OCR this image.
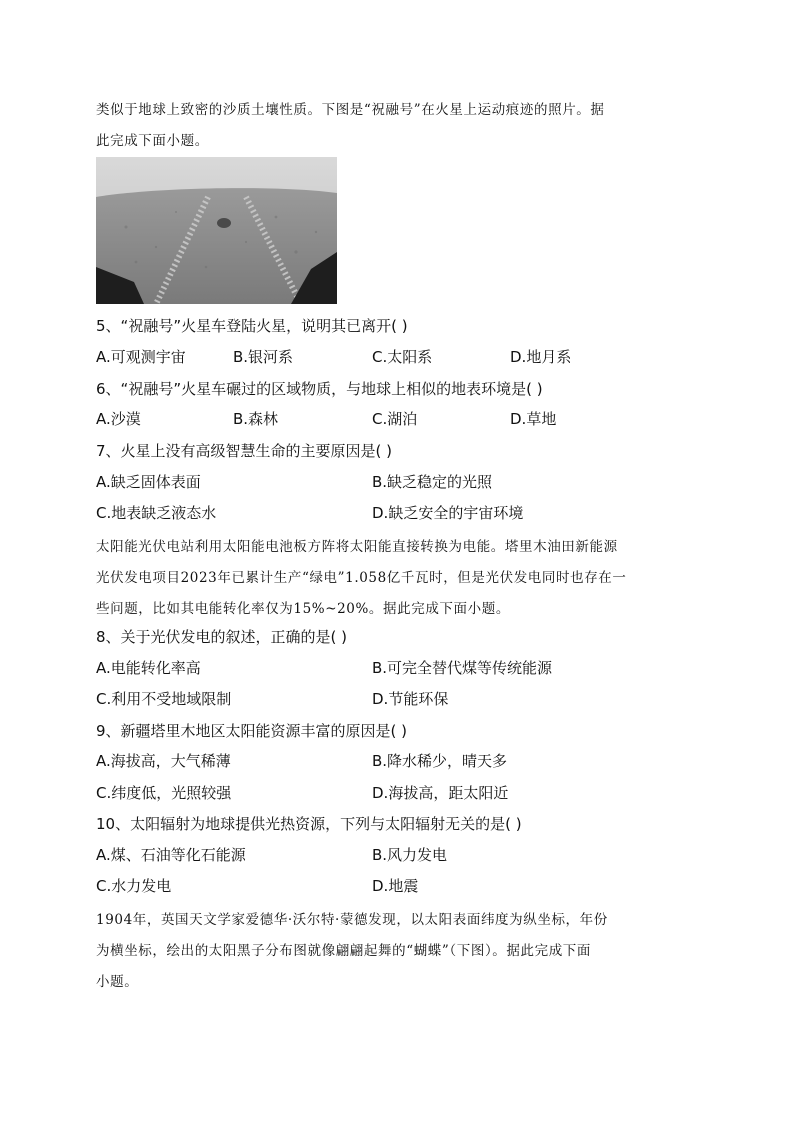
类似于地球上致密的沙质土壤性质。下图是“祝融号”在火星上运动痕迹的照片。据
此完成下面小题。
5、“祝融号”火星车登陆火星，说明其已离开( )
A.可观测宇宙	B.银河系	C.太阳系	D.地月系
6、“祝融号”火星车碾过的区域物质，与地球上相似的地表环境是( )
A.沙漠	B.森林	C.湖泊	D.草地
7、火星上没有高级智慧生命的主要原因是( )
A.缺乏固体表面	B.缺乏稳定的光照
C.地表缺乏液态水	D.缺乏安全的宇宙环境
太阳能光伏电站利用太阳能电池板方阵将太阳能直接转换为电能。塔里木油田新能源
光伏发电项目2023年已累计生产“绿电”1.058亿千瓦时，但是光伏发电同时也存在一
些问题，比如其电能转化率仅为15%~20%。据此完成下面小题。
8、关于光伏发电的叙述，正确的是( )
A.电能转化率高	B.可完全替代煤等传统能源
C.利用不受地域限制	D.节能环保
9、新疆塔里木地区太阳能资源丰富的原因是( )
A.海拔高，大气稀薄	B.降水稀少，晴天多
C.纬度低，光照较强	D.海拔高，距太阳近
10、太阳辐射为地球提供光热资源，下列与太阳辐射无关的是( )
A.煤、石油等化石能源	B.风力发电
C.水力发电	D.地震
1904年，英国天文学家爱德华·沃尔特·蒙德发现，以太阳表面纬度为纵坐标，年份
为横坐标，绘出的太阳黑子分布图就像翩翩起舞的“蝴蝶”（下图）。据此完成下面
小题。
